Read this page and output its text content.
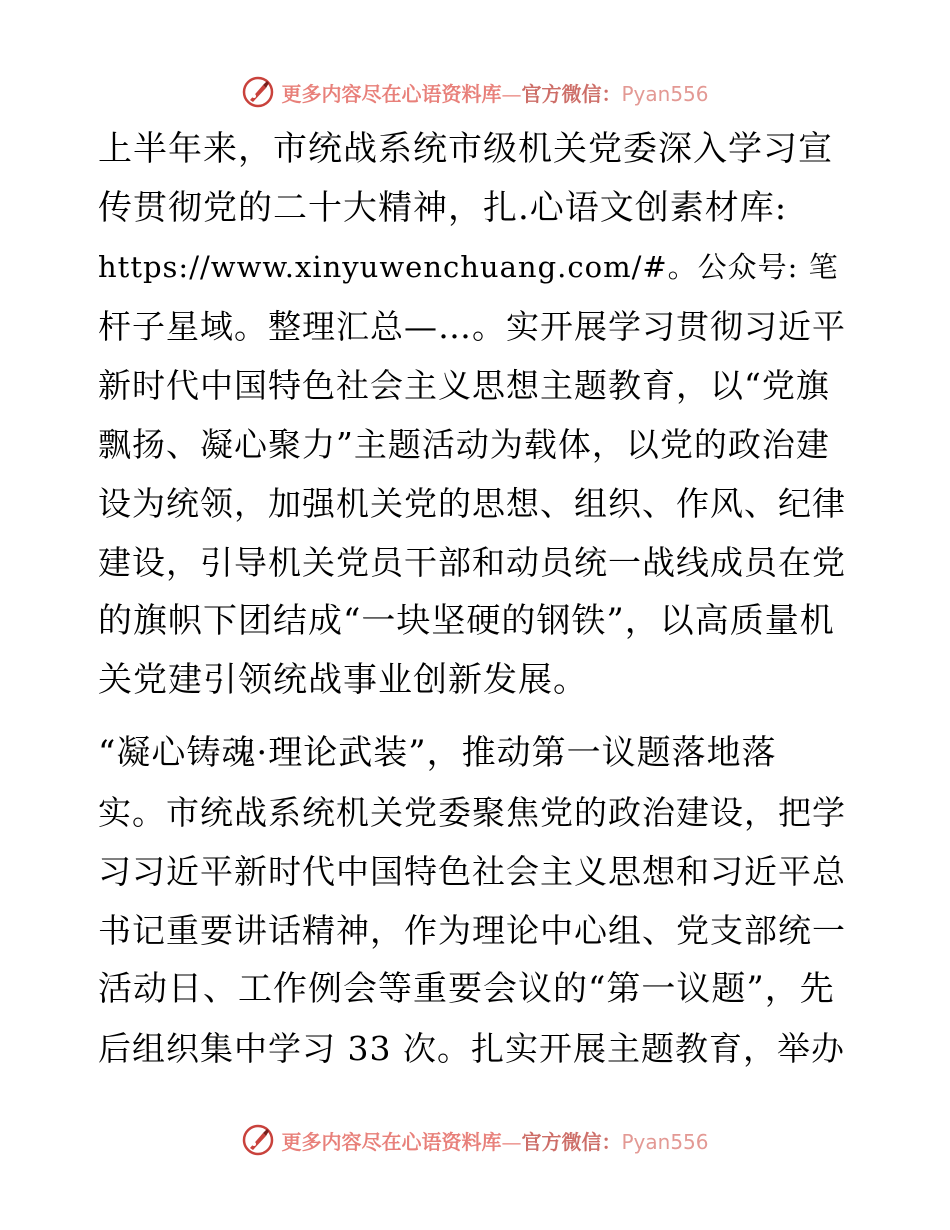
更多内容尽在心语资料库—官方微信：Pyan556

上半年来，市统战系统市级机关党委深入学习宣
传贯彻党的二十大精神，扎.心语文创素材库:
https://www.xinyuwenchuang.com/#。公众号: 笔
杆子星域。整理汇总—…。实开展学习贯彻习近平
新时代中国特色社会主义思想主题教育，以“党旗
飘扬、凝心聚力”主题活动为载体，以党的政治建
设为统领，加强机关党的思想、组织、作风、纪律
建设，引导机关党员干部和动员统一战线成员在党
的旗帜下团结成“一块坚硬的钢铁”，以高质量机
关党建引领统战事业创新发展。

“凝心铸魂·理论武装”，推动第一议题落地落
实。市统战系统机关党委聚焦党的政治建设，把学
习习近平新时代中国特色社会主义思想和习近平总
书记重要讲话精神，作为理论中心组、党支部统一
活动日、工作例会等重要会议的“第一议题”，先
后组织集中学习 33 次。扎实开展主题教育，举办

更多内容尽在心语资料库—官方微信：Pyan556
